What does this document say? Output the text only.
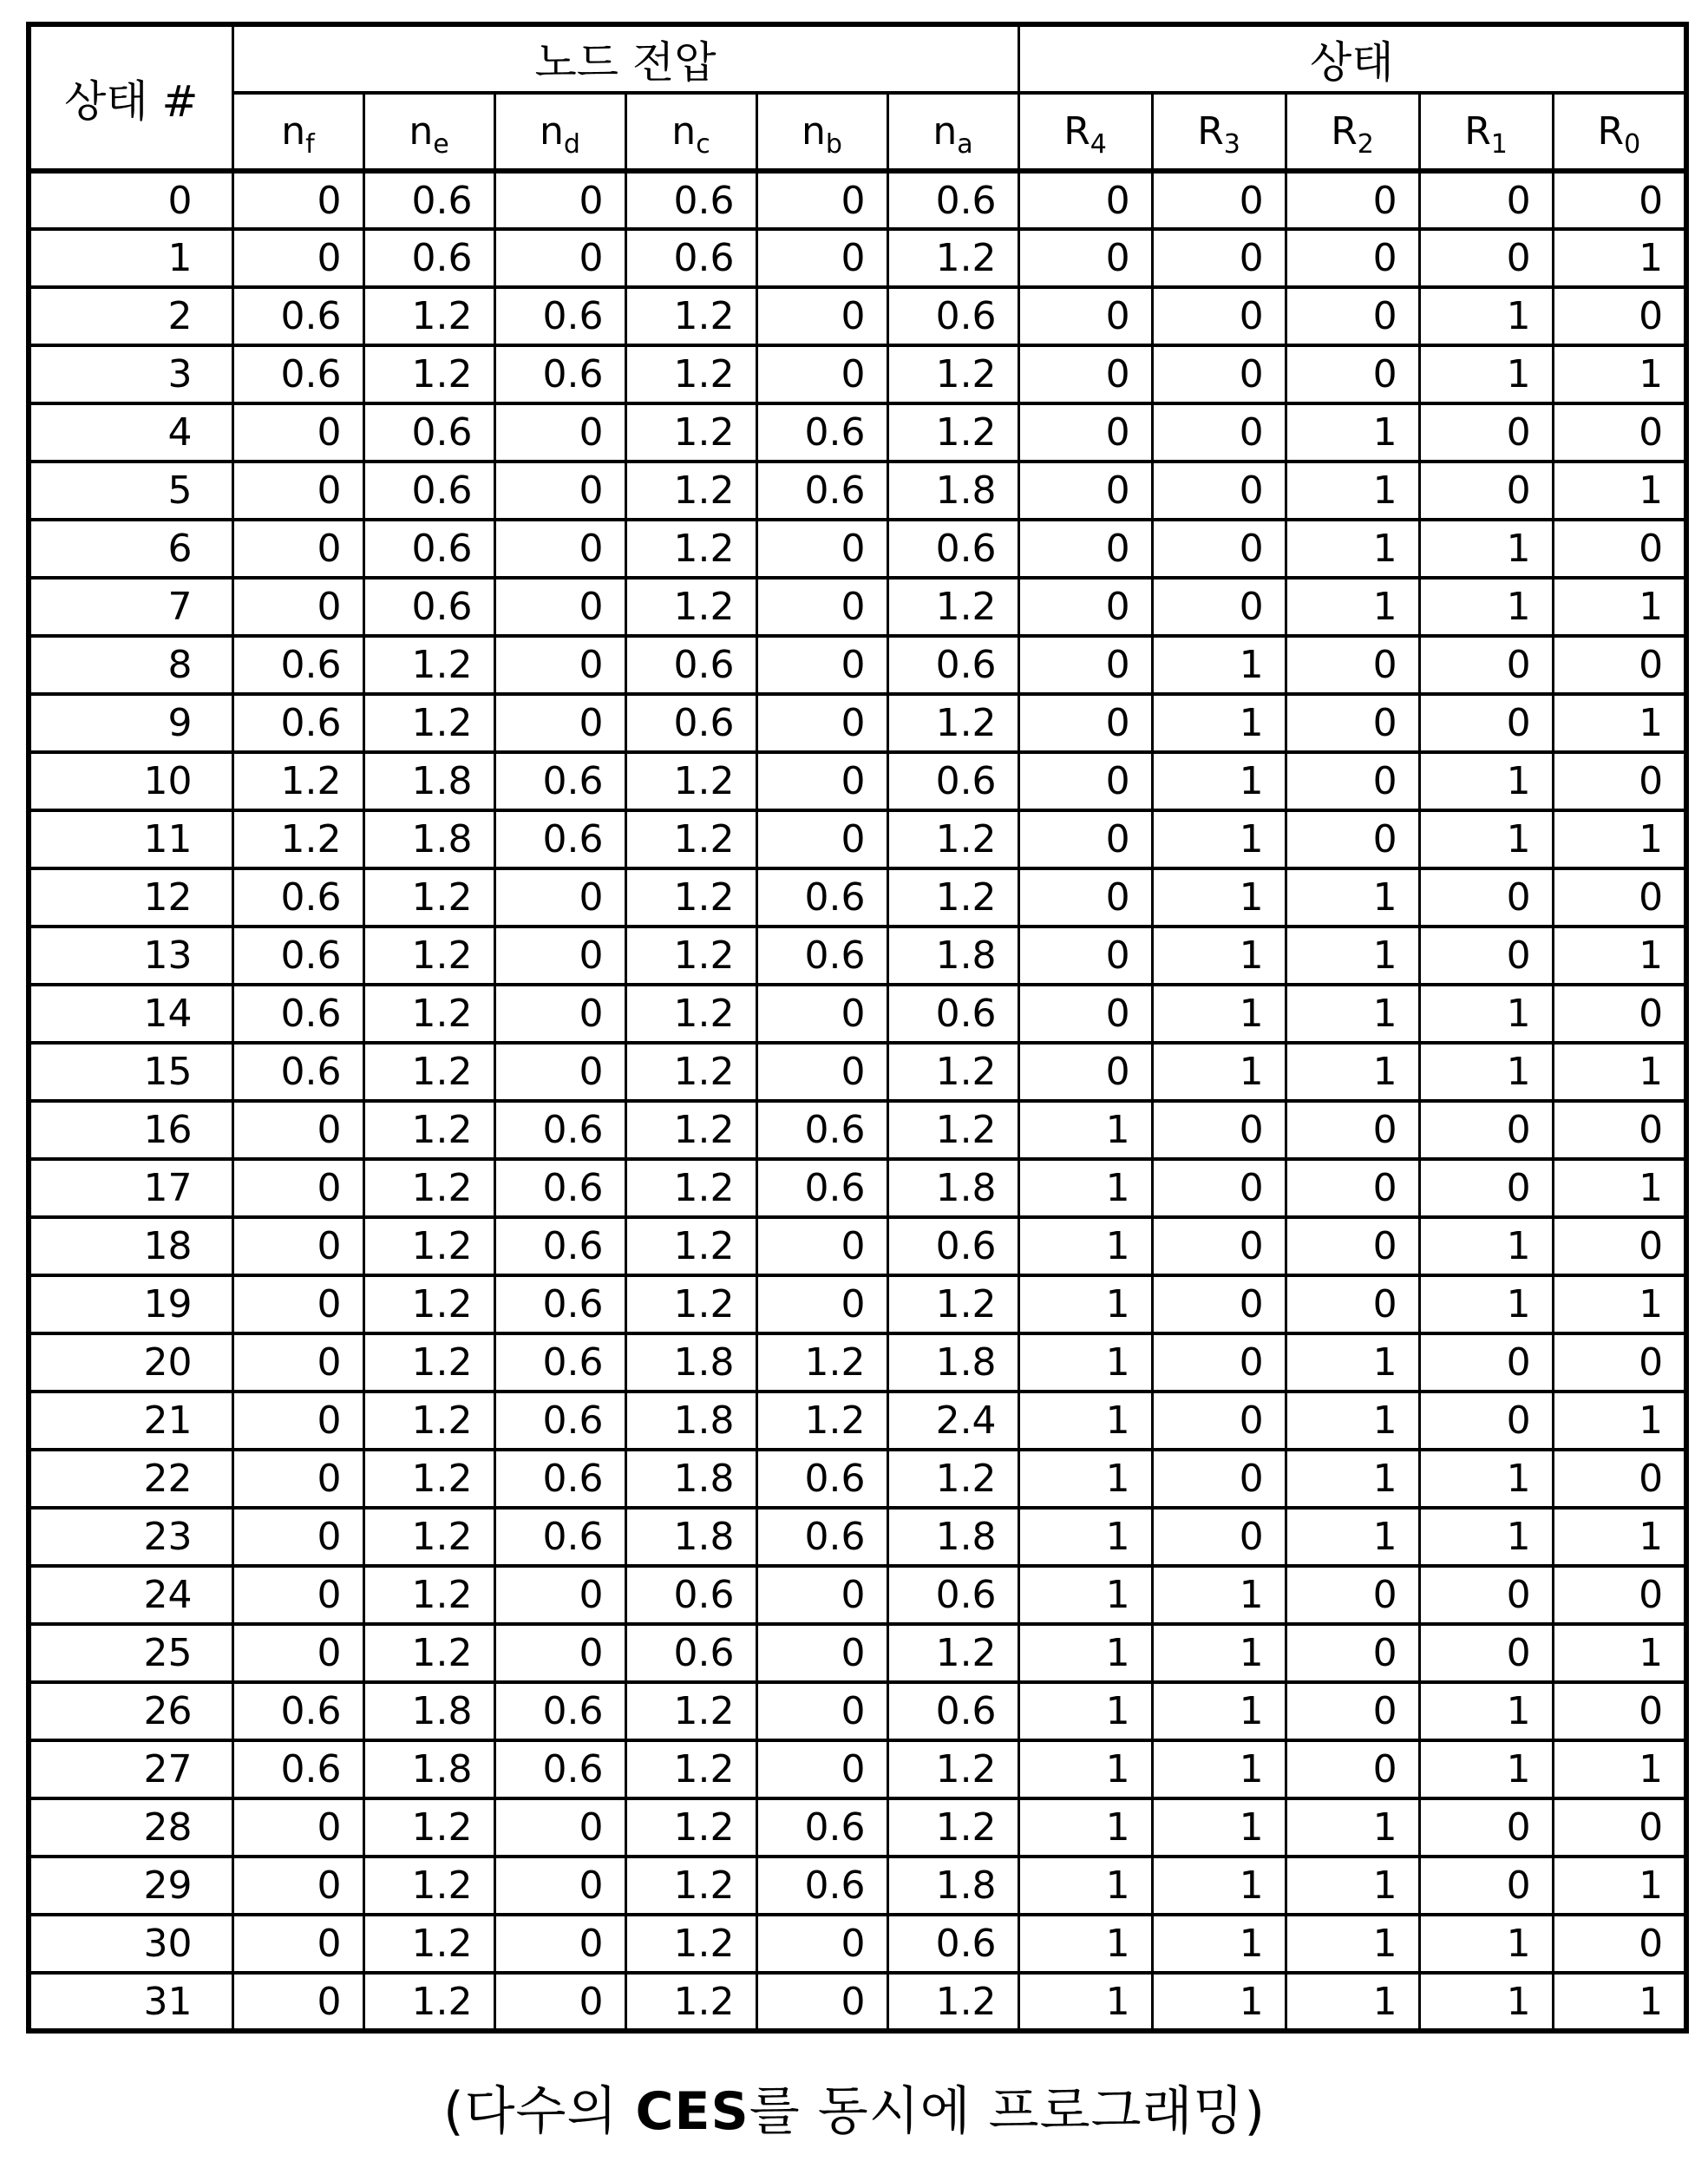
상태 #	노드 전압						상태				
	$n_f$	$n_e$	$n_d$	$n_c$	$n_b$	$n_a$	$R_4$	$R_3$	$R_2$	$R_1$	$R_0$
0	0	0.6	0	0.6	0	0.6	0	0	0	0	0
1	0	0.6	0	0.6	0	1.2	0	0	0	0	1
2	0.6	1.2	0.6	1.2	0	0.6	0	0	0	1	0
3	0.6	1.2	0.6	1.2	0	1.2	0	0	0	1	1
4	0	0.6	0	1.2	0.6	1.2	0	0	1	0	0
5	0	0.6	0	1.2	0.6	1.8	0	0	1	0	1
6	0	0.6	0	1.2	0	0.6	0	0	1	1	0
7	0	0.6	0	1.2	0	1.2	0	0	1	1	1
8	0.6	1.2	0	0.6	0	0.6	0	1	0	0	0
9	0.6	1.2	0	0.6	0	1.2	0	1	0	0	1
10	1.2	1.8	0.6	1.2	0	0.6	0	1	0	1	0
11	1.2	1.8	0.6	1.2	0	1.2	0	1	0	1	1
12	0.6	1.2	0	1.2	0.6	1.2	0	1	1	0	0
13	0.6	1.2	0	1.2	0.6	1.8	0	1	1	0	1
14	0.6	1.2	0	1.2	0	0.6	0	1	1	1	0
15	0.6	1.2	0	1.2	0	1.2	0	1	1	1	1
16	0	1.2	0.6	1.2	0.6	1.2	1	0	0	0	0
17	0	1.2	0.6	1.2	0.6	1.8	1	0	0	0	1
18	0	1.2	0.6	1.2	0	0.6	1	0	0	1	0
19	0	1.2	0.6	1.2	0	1.2	1	0	0	1	1
20	0	1.2	0.6	1.8	1.2	1.8	1	0	1	0	0
21	0	1.2	0.6	1.8	1.2	2.4	1	0	1	0	1
22	0	1.2	0.6	1.8	0.6	1.2	1	0	1	1	0
23	0	1.2	0.6	1.8	0.6	1.8	1	0	1	1	1
24	0	1.2	0	0.6	0	0.6	1	1	0	0	0
25	0	1.2	0	0.6	0	1.2	1	1	0	0	1
26	0.6	1.8	0.6	1.2	0	0.6	1	1	0	1	0
27	0.6	1.8	0.6	1.2	0	1.2	1	1	0	1	1
28	0	1.2	0	1.2	0.6	1.2	1	1	1	0	0
29	0	1.2	0	1.2	0.6	1.8	1	1	1	0	1
30	0	1.2	0	1.2	0	0.6	1	1	1	1	0
31	0	1.2	0	1.2	0	1.2	1	1	1	1	1
(다수의 CES를 동시에 프로그래밍)
